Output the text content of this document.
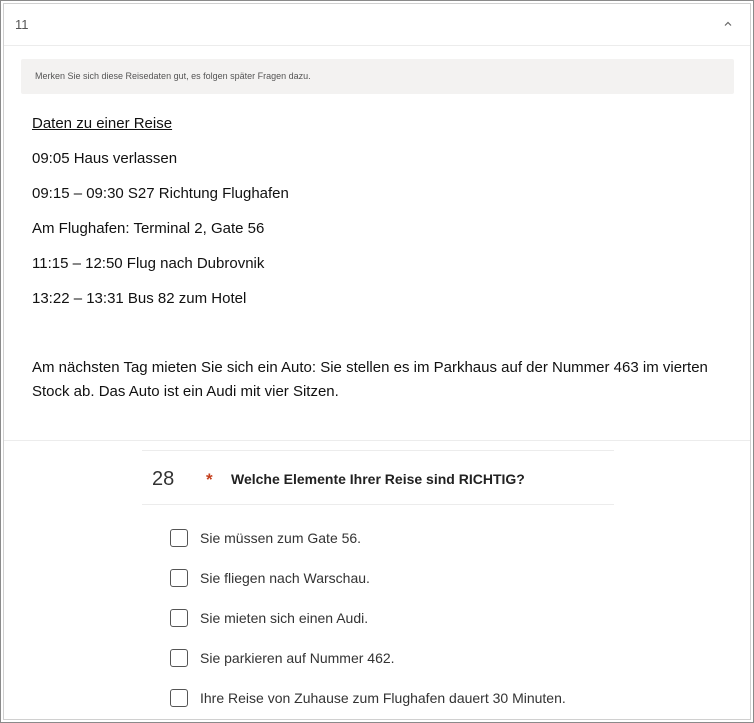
11
Merken Sie sich diese Reisedaten gut, es folgen später Fragen dazu.
Daten zu einer Reise
09:05 Haus verlassen
09:15 – 09:30 S27 Richtung Flughafen
Am Flughafen: Terminal 2, Gate 56
11:15 – 12:50 Flug nach Dubrovnik
13:22 – 13:31 Bus 82 zum Hotel
Am nächsten Tag mieten Sie sich ein Auto: Sie stellen es im Parkhaus auf der Nummer 463 im vierten Stock ab. Das Auto ist ein Audi mit vier Sitzen.
28 * Welche Elemente Ihrer Reise sind RICHTIG?
Sie müssen zum Gate 56.
Sie fliegen nach Warschau.
Sie mieten sich einen Audi.
Sie parkieren auf Nummer 462.
Ihre Reise von Zuhause zum Flughafen dauert 30 Minuten.
